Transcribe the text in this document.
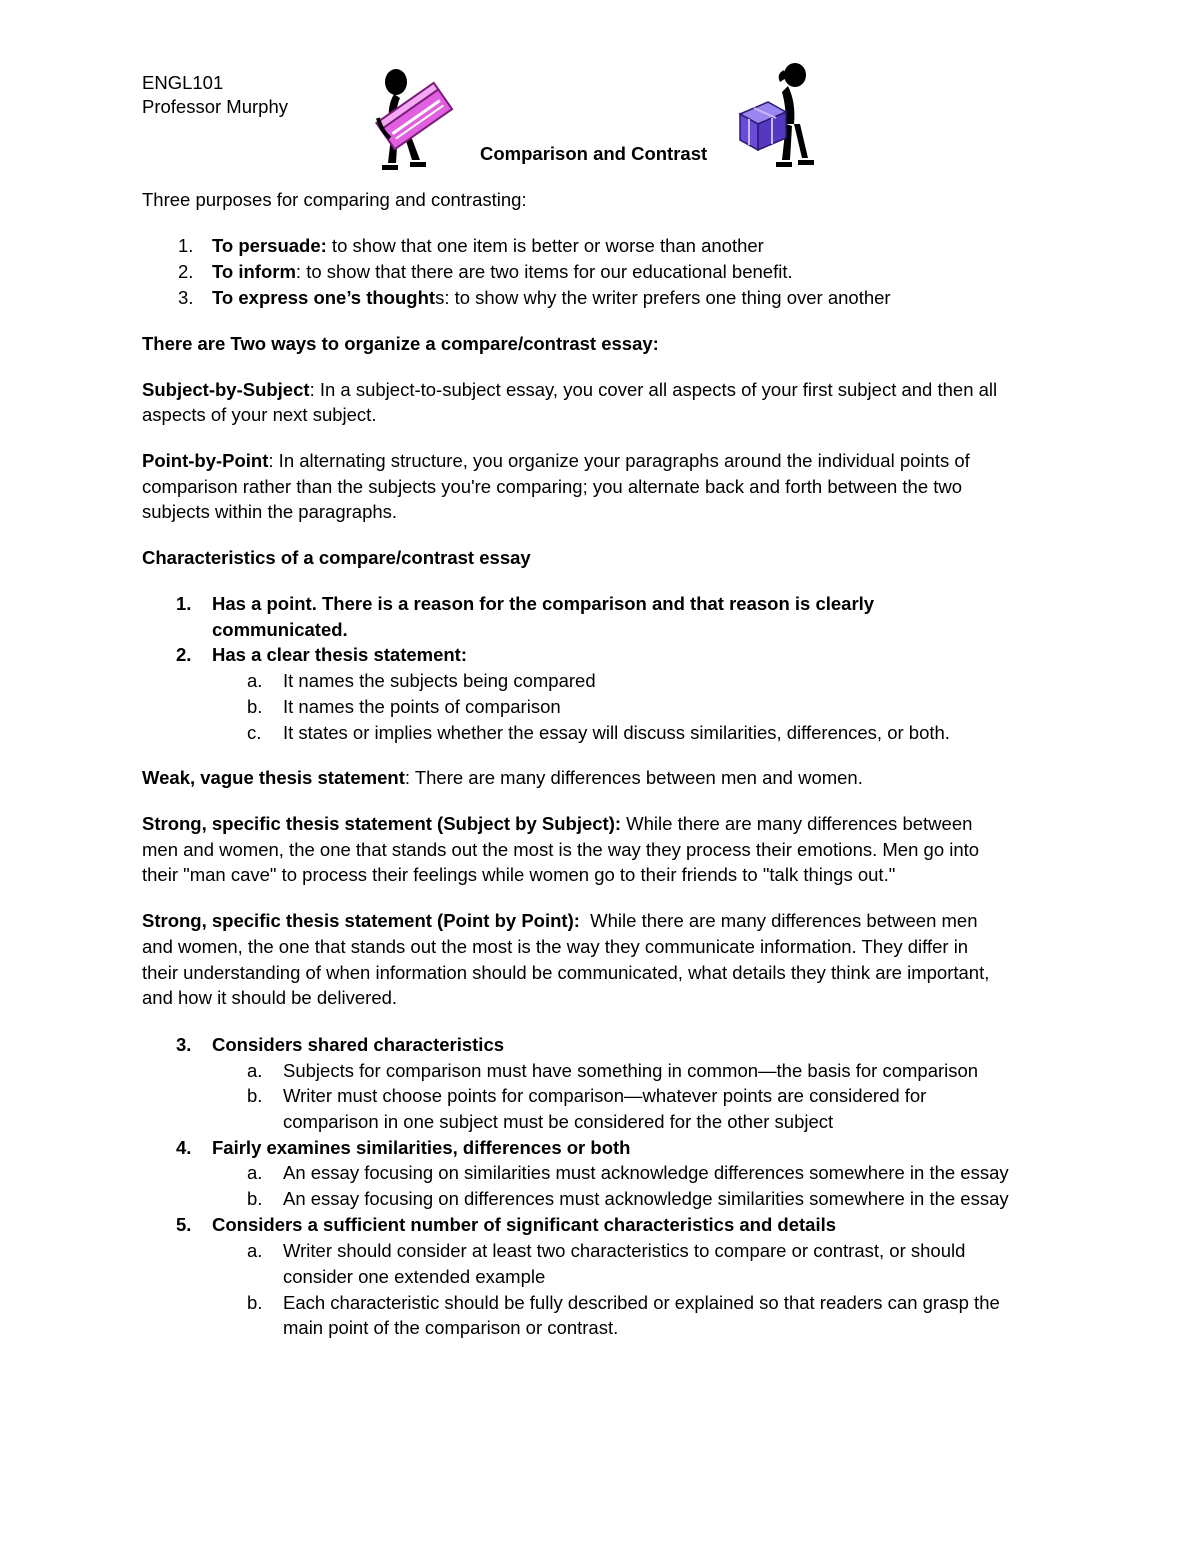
ENGL101
Professor Murphy
Comparison and Contrast
Three purposes for comparing and contrasting:
1. To persuade: to show that one item is better or worse than another
2. To inform: to show that there are two items for our educational benefit.
3. To express one’s thoughts: to show why the writer prefers one thing over another
There are Two ways to organize a compare/contrast essay:
Subject-by-Subject: In a subject-to-subject essay, you cover all aspects of your first subject and then all
aspects of your next subject.
Point-by-Point: In alternating structure, you organize your paragraphs around the individual points of
comparison rather than the subjects you're comparing; you alternate back and forth between the two
subjects within the paragraphs.
Characteristics of a compare/contrast essay
1. Has a point. There is a reason for the comparison and that reason is clearly
communicated.
2. Has a clear thesis statement:
a. It names the subjects being compared
b. It names the points of comparison
c. It states or implies whether the essay will discuss similarities, differences, or both.
Weak, vague thesis statement: There are many differences between men and women.
Strong, specific thesis statement (Subject by Subject): While there are many differences between
men and women, the one that stands out the most is the way they process their emotions. Men go into
their "man cave" to process their feelings while women go to their friends to "talk things out."
Strong, specific thesis statement (Point by Point):  While there are many differences between men
and women, the one that stands out the most is the way they communicate information. They differ in
their understanding of when information should be communicated, what details they think are important,
and how it should be delivered.
3. Considers shared characteristics
a. Subjects for comparison must have something in common—the basis for comparison
b. Writer must choose points for comparison—whatever points are considered for
comparison in one subject must be considered for the other subject
4. Fairly examines similarities, differences or both
a. An essay focusing on similarities must acknowledge differences somewhere in the essay
b. An essay focusing on differences must acknowledge similarities somewhere in the essay
5. Considers a sufficient number of significant characteristics and details
a. Writer should consider at least two characteristics to compare or contrast, or should
consider one extended example
b. Each characteristic should be fully described or explained so that readers can grasp the
main point of the comparison or contrast.
